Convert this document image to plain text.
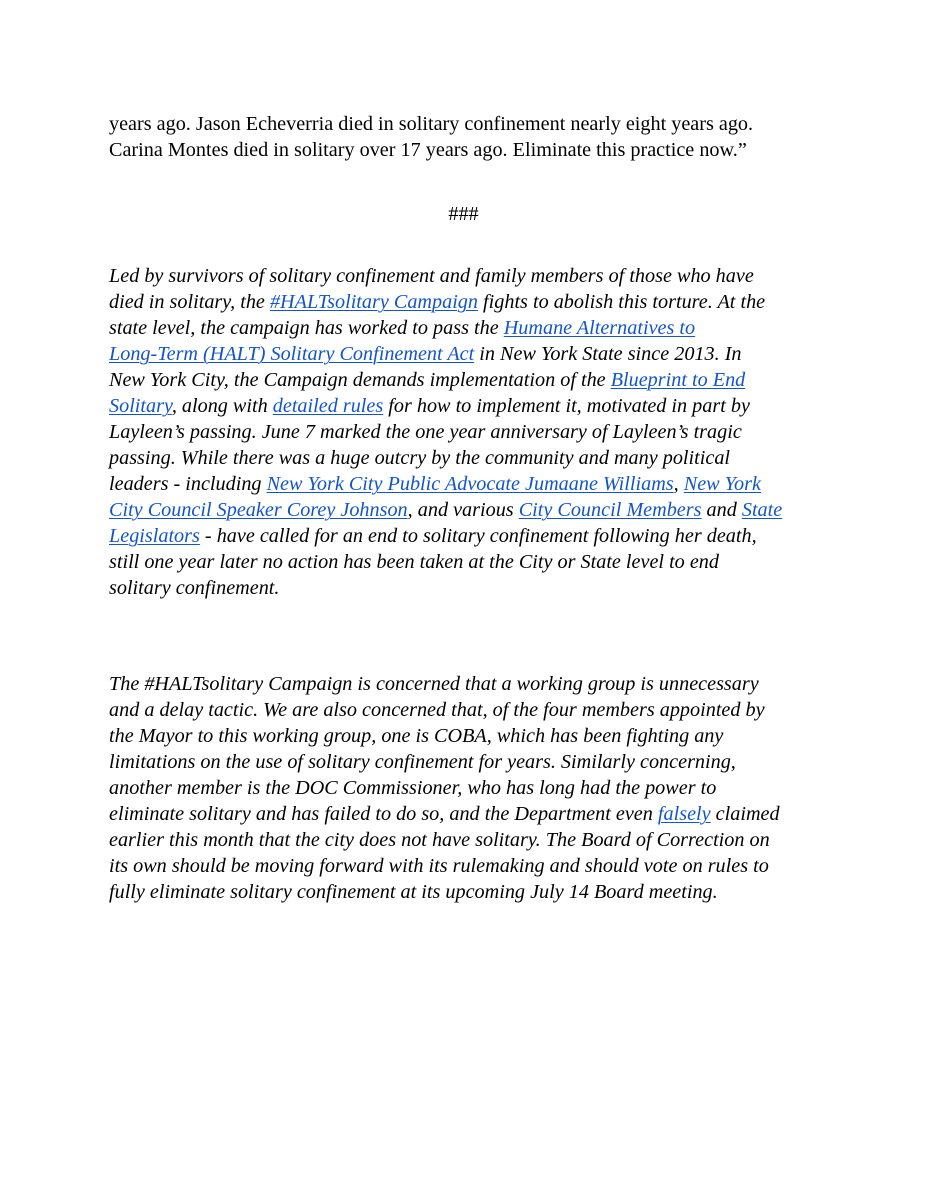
years ago. Jason Echeverria died in solitary confinement nearly eight years ago.
Carina Montes died in solitary over 17 years ago. Eliminate this practice now.”
###
Led by survivors of solitary confinement and family members of those who have
died in solitary, the #HALTsolitary Campaign fights to abolish this torture. At the
state level, the campaign has worked to pass the Humane Alternatives to
Long-Term (HALT) Solitary Confinement Act in New York State since 2013. In
New York City, the Campaign demands implementation of the Blueprint to End
Solitary, along with detailed rules for how to implement it, motivated in part by
Layleen’s passing. June 7 marked the one year anniversary of Layleen’s tragic
passing. While there was a huge outcry by the community and many political
leaders - including New York City Public Advocate Jumaane Williams, New York
City Council Speaker Corey Johnson, and various City Council Members and State
Legislators - have called for an end to solitary confinement following her death,
still one year later no action has been taken at the City or State level to end
solitary confinement.
The #HALTsolitary Campaign is concerned that a working group is unnecessary
and a delay tactic. We are also concerned that, of the four members appointed by
the Mayor to this working group, one is COBA, which has been fighting any
limitations on the use of solitary confinement for years. Similarly concerning,
another member is the DOC Commissioner, who has long had the power to
eliminate solitary and has failed to do so, and the Department even falsely claimed
earlier this month that the city does not have solitary. The Board of Correction on
its own should be moving forward with its rulemaking and should vote on rules to
fully eliminate solitary confinement at its upcoming July 14 Board meeting.
